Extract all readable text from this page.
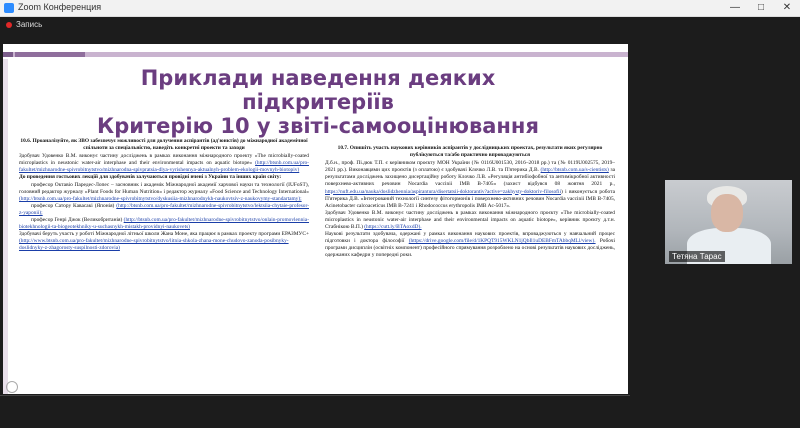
Zoom Конференция	—	□	✕
Запись
Приклади наведення деяких підкритеріїв
Критерію 10 у звіті-самооцінювання
10.6. Проаналізуйте, як ЗВО забезпечує можливості для долучення аспірантів (ад'юнктів) до міжнародної академічної спільноти за спеціальністю, наведіть конкретні проекти та заходи

Здобувач Удовенко В.М. виконує частину досліджень в рамках виконання міжнародного проекту «The microbially-coated microplastics in neustonic water-air interphase and their environmental impacts on aquatic biotope» (http://btsnb.com.ua/pro-fakultet/mizhnarodne-spivrobitnytstvo/mizhnarodna-spivpratsia-dlya-vyrishennya-aktualnyh-problem-ekologii-movnyh-biotopiv)

До проведення гостьових лекцій для здобувачів залучаються провідні вчені з України та інших країн світу:

професор Октавіо Паредес-Лопес – засновник і академік Міжнародної академії харчової науки та технології (IUFoST), головний редактор журналу «Plant Foods for Human Nutrition» і редактор журналу «Food Science and Technology International» (http://btsnb.com.ua/pro-fakultet/mizhnarodne-spivrobitnytstvo/dyskusiia-mizhnarodnykh-naukovtsiv-z-naukovymy-standartamy);

професор Сатору Кавасакі (Японія) (http://btsnb.com.ua/pro-fakultet/mizhnarodne-spivrobitnytstvo/lektsiia-chytaie-profesor-z-yaponii);

професор Генрі Джок (Великобританія) (http://btsnb.com.ua/pro-fakultet/mizhnarodne-spivrobitnytstvo/onlain-promovlennia-biotekhnologii-ta-biogeotekhniky-u-suchasnykh-mistakh-providnyi-naukovets)

Здобувачі беруть участь у роботі Міжнародної літньої школи Жана Моне, яка працює в рамках проекту програми ЕРАЗМУС+ (http://www.btsnb.com.ua/pro-fakultet/mizhnarodne-spivrobitnytstvo/litnia-shkola-zhana-mone-chudovo-zanoda-posibnyky-doslidnyky-z-zhagorosty-suspilnosti-zdorovia)

10.7. Опишіть участь наукових керівників аспірантів у дослідницьких проектах, результати яких регулярно публікуються та/або практично впроваджуються

Д.б.н., проф. Пі.дюк Т.П. є керівником проєкту МОН України (№ 0116U001530, 2016–2018 рр.) та (№ 0119U002575, 2019–2021 рр.). Виконавцями цих проєктів (з оплатою) є здобувачі Клочко Л.В. та П'ятерика Д.В. (http://btsnb.com.ua/s-cientists) за результатами досліджень захищено дисертаційну роботу Клочко Л.В. «Регуляція антибіофобної та антимікробної активності поверхнево-активних речовин Nocardia vaccinii IMB B-7405» (захист відбувся 08 жовтня 2021 р., https://nuft.edu.ua/nauka/doslidzhennia/aspirantura/disertatsii-doktorantiv?active=zakhysty-doktoriv-filosofii) і виконується робота П'ятерика Д.В. «Інтегрований технології синтезу фітогормонів і поверхнево-активних речовин Nocardia vaccinii IMB B-7405, Acinetobacter calcoaceticus IMB B-7241 і Rhodococcus erythropolis IMB Ac-5017».

Здобувач Удовенко В.М. виконує частину досліджень в рамках виконання міжнародного проєкту «The microbially-coated microplastics in neustonic water-air interphase and their environmental impacts on aquatic biotope», керівник проєкту д.т.н. Стабнікою В.П.) (https://cutt.ly/BTAoxdD).

Наукові результати здобувача, одержані у рамках виконання наукових проектів, впроваджуються у навчальний процес підготовки і доктора філософії (https://drive.google.com/file/d/1KPQT915WKLN1jQbIl1uDEBFmTAbbqMLl/view). Робочі програми дисциплін (освітніх компонент) професійного спрямування розроблено на основі результатів наукових досліджень, одержаних кафедри у попередні роки.	Тетяна Тарас
